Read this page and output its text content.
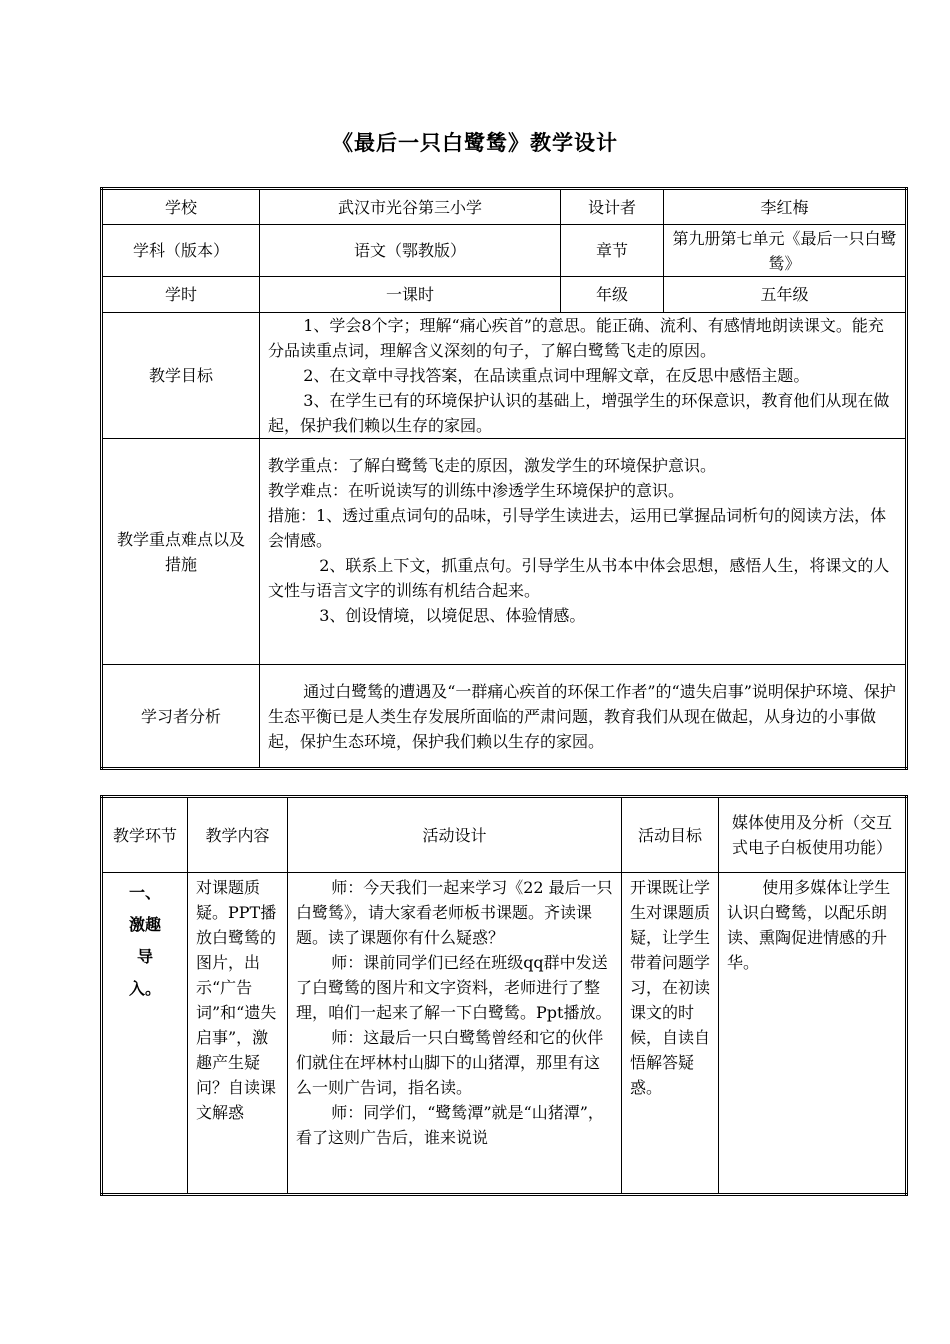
《最后一只白鹭鸶》教学设计
学校	武汉市光谷第三小学	设计者	李红梅
学科（版本）	语文（鄂教版）	章节	第九册第七单元《最后一只白鹭鸶》
学时	一课时	年级	五年级
教学目标	1、学会8个字；理解“痛心疾首”的意思。能正确、流利、有感情地朗读课文。能充分品读重点词，理解含义深刻的句子，了解白鹭鸶飞走的原因。

2、在文章中寻找答案，在品读重点词中理解文章，在反思中感悟主题。

3、在学生已有的环境保护认识的基础上，增强学生的环保意识，教育他们从现在做起，保护我们赖以生存的家园。		

教学重点难点以及措施	教学重点：了解白鹭鸶飞走的原因，激发学生的环境保护意识。

教学难点：在听说读写的训练中渗透学生环境保护的意识。

措施：1、透过重点词句的品味，引导学生读进去，运用已掌握品词析句的阅读方法，体会情感。

2、联系上下文，抓重点句。引导学生从书本中体会思想，感悟人生，将课文的人文性与语言文字的训练有机结合起来。

3、创设情境，以境促思、体验情感。		

学习者分析	通过白鹭鸶的遭遇及“一群痛心疾首的环保工作者”的“遗失启事”说明保护环境、保护生态平衡已是人类生存发展所面临的严肃问题，教育我们从现在做起，从身边的小事做起，保护生态环境，保护我们赖以生存的家园。		

教学环节	教学内容	活动设计	活动目标	媒体使用及分析（交互式电子白板使用功能）

一、激趣导入。	对课题质疑。PPT播放白鹭鸶的图片，出示“广告词”和“遗失启事”，激趣产生疑问？自读课文解惑	师：今天我们一起来学习《22 最后一只白鹭鸶》，请大家看老师板书课题。齐读课题。读了课题你有什么疑惑？

师：课前同学们已经在班级qq群中发送了白鹭鸶的图片和文字资料，老师进行了整理，咱们一起来了解一下白鹭鸶。Ppt播放。

师：这最后一只白鹭鸶曾经和它的伙伴们就住在坪林村山脚下的山猪潭，那里有这么一则广告词，指名读。

师：同学们，“鹭鸶潭”就是“山猪潭”，看了这则广告后，谁来说说	开课既让学生对课题质疑，让学生带着问题学习，在初读课文的时候，自读自悟解答疑惑。	使用多媒体让学生认识白鹭鸶，以配乐朗读、熏陶促进情感的升华。
